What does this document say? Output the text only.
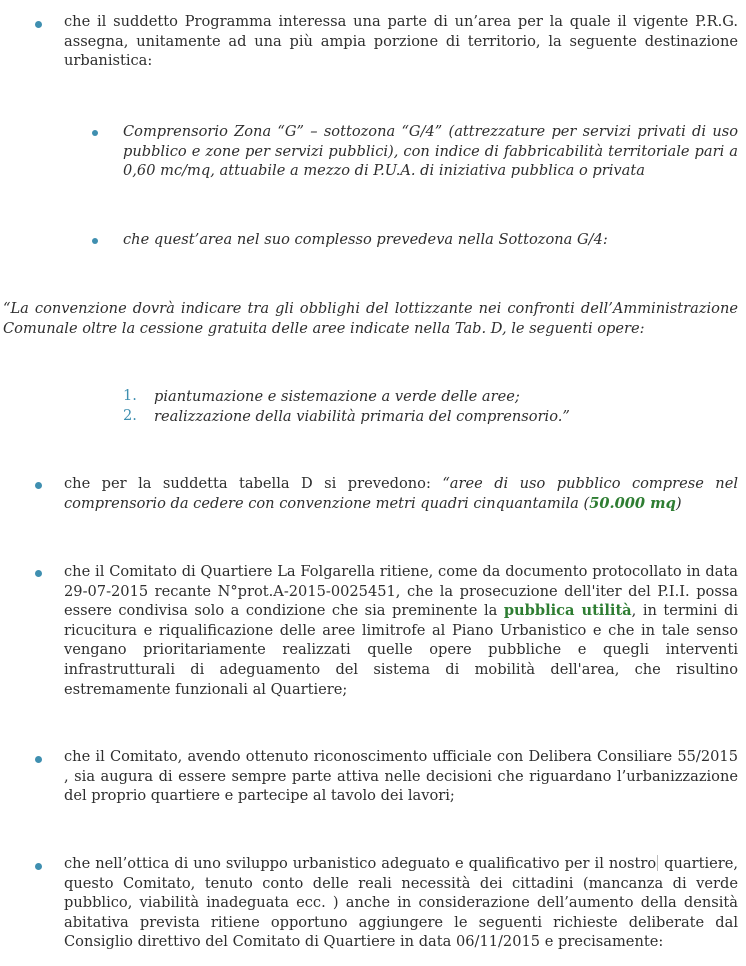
che il suddetto Programma interessa una parte di un’area per la quale il vigente P.R.G. assegna, unitamente ad una più ampia porzione di territorio, la seguente destinazione urbanistica:
Comprensorio Zona “G” – sottozona “G/4” (attrezzature per servizi privati di uso pubblico e zone per servizi pubblici), con indice di fabbricabilità territoriale pari a 0,60 mc/mq, attuabile a mezzo di P.U.A. di iniziativa pubblica o privata
che quest’area nel suo complesso prevedeva nella Sottozona G/4:
“La convenzione dovrà indicare tra gli obblighi del lottizzante nei confronti dell’Amministrazione Comunale oltre la cessione gratuita delle aree indicate nella Tab. D, le seguenti opere:
1. piantumazione e sistemazione a verde delle aree;
2. realizzazione della viabilità primaria del comprensorio.”
che per la suddetta tabella D si prevedono: “aree di uso pubblico comprese nel comprensorio da cedere con convenzione metri quadri cinquantamila (50.000 mq)
che il Comitato di Quartiere La Folgarella ritiene, come da documento protocollato in data 29-07-2015 recante N°prot.A-2015-0025451, che la prosecuzione dell'iter del P.I.I. possa essere condivisa solo a condizione che sia preminente la pubblica utilità, in termini di ricucitura e riqualificazione delle aree limitrofe al Piano Urbanistico e che in tale senso vengano prioritariamente realizzati quelle opere pubbliche e quegli interventi infrastrutturali di adeguamento del sistema di mobilità dell'area, che risultino estremamente funzionali al Quartiere;
che il Comitato, avendo ottenuto riconoscimento ufficiale con Delibera Consiliare 55/2015 , sia augura di essere sempre parte attiva nelle decisioni che riguardano l’urbanizzazione del proprio quartiere e partecipe al tavolo dei lavori;
che nell’ottica di uno sviluppo urbanistico adeguato e qualificativo per il nostro quartiere, questo Comitato, tenuto conto delle reali necessità dei cittadini (mancanza di verde pubblico, viabilità inadeguata ecc. ) anche in considerazione dell’aumento della densità abitativa prevista ritiene opportuno aggiungere le seguenti richieste deliberate dal Consiglio direttivo del Comitato di Quartiere in data 06/11/2015 e precisamente:
